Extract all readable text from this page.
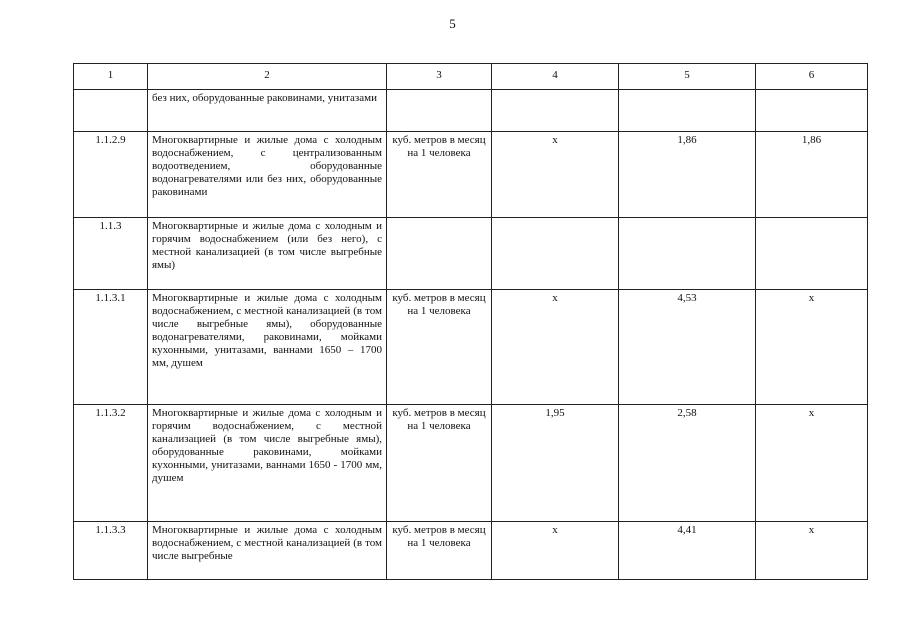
5
1	2	3	4	5	6
	без них, оборудованные раковинами, унитазами				
1.1.2.9	Многоквартирные и жилые дома с холодным водоснабжением, с централизованным водоотведением, оборудованные водонагревателями или без них, оборудованные раковинами	куб. метров в месяц на 1 человека	x	1,86	1,86
1.1.3	Многоквартирные и жилые дома с холодным и горячим водоснабжением (или без него), с местной канализацией (в том числе выгребные ямы)				
1.1.3.1	Многоквартирные и жилые дома с холодным водоснабжением, с местной канализацией (в том числе выгребные ямы), оборудованные водонагревателями, раковинами, мойками кухонными, унитазами, ваннами 1650 – 1700 мм, душем	куб. метров в месяц на 1 человека	x	4,53	x
1.1.3.2	Многоквартирные и жилые дома с холодным и горячим водоснабжением, с местной канализацией (в том числе выгребные ямы), оборудованные раковинами, мойками кухонными, унитазами, ваннами 1650 - 1700 мм, душем	куб. метров в месяц на 1 человека	1,95	2,58	x
1.1.3.3	Многоквартирные и жилые дома с холодным водоснабжением, с местной канализацией (в том числе выгребные	куб. метров в месяц на 1 человека	x	4,41	x
